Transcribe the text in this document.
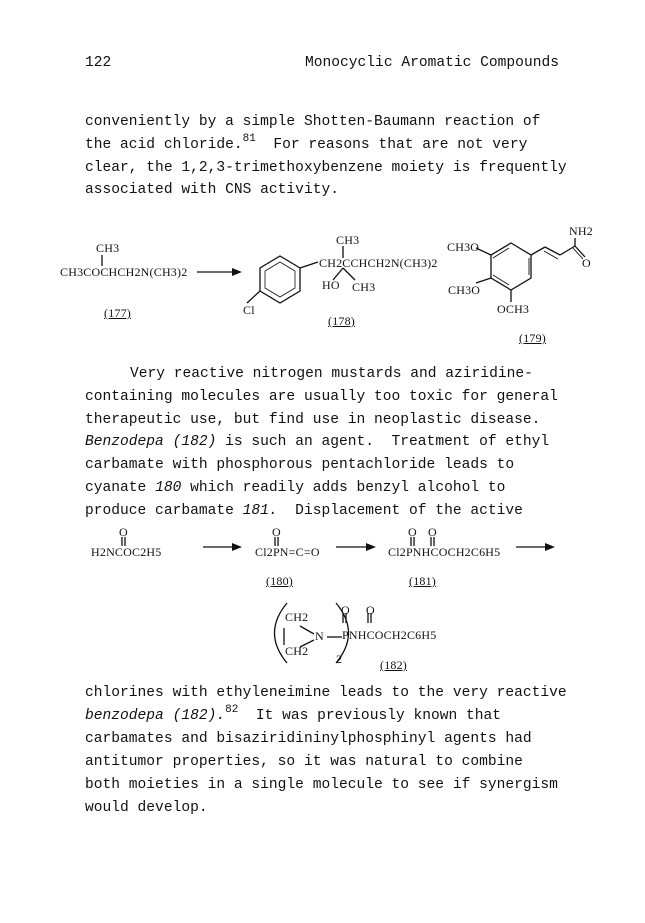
122	Monocyclic Aromatic Compounds
conveniently by a simple Shotten-Baumann reaction of
the acid chloride.$^{81}$  For reasons that are not very
clear, the 1,2,3-trimethoxybenzene moiety is frequently
associated with CNS activity.
CH3
CH3COCHCH2N(CH3)2
(177)
CH3
CH2CCHCH2N(CH3)2
HO CH3
Cl
(178)
NH2
O
CH3O
CH3O
OCH3
(179)
Very reactive nitrogen mustards and aziridine-
containing molecules are usually too toxic for general
therapeutic use, but find use in neoplastic disease.
Benzodepa (182) is such an agent.  Treatment of ethyl
carbamate with phosphorous pentachloride leads to
cyanate 180 which readily adds benzyl alcohol to
produce carbamate 181.  Displacement of the active
O
H2NCOC2H5
O
Cl2PN=C=O
(180)
O O
Cl2PNHCOCH2C6H5
(181)
CH2
CH2
N
2
O O
PNHCOCH2C6H5
(182)
chlorines with ethyleneimine leads to the very reactive
benzodepa (182).$^{82}$  It was previously known that
carbamates and bisaziridininylphosphinyl agents had
antitumor properties, so it was natural to combine
both moieties in a single molecule to see if synergism
would develop.
